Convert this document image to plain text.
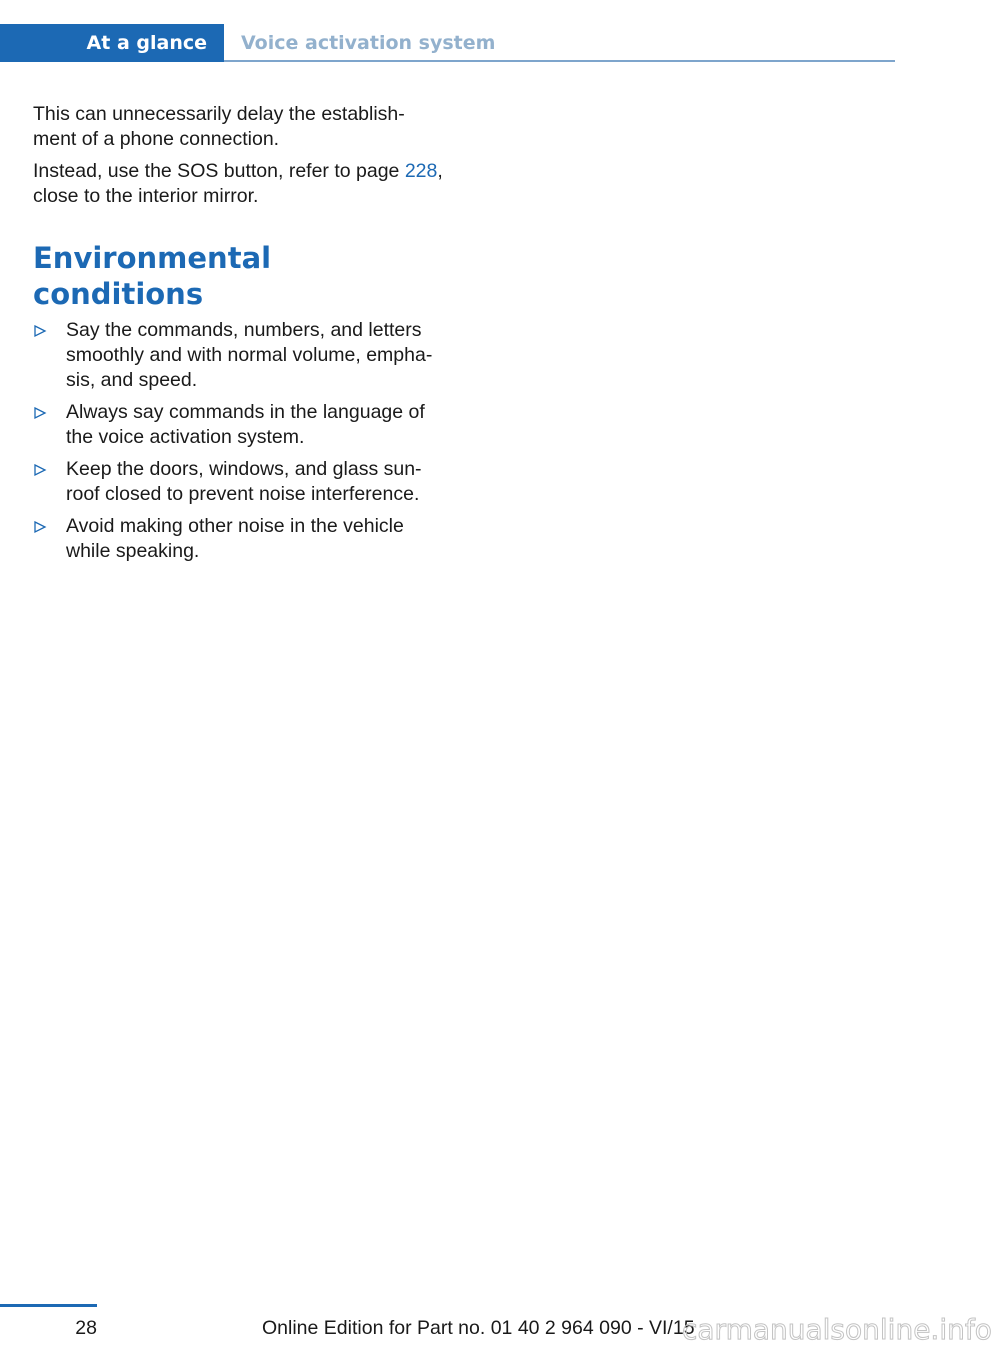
At a glance Voice activation system

This can unnecessarily delay the establish‐ ment of a phone connection.

Instead, use the SOS button, refer to page 228, close to the interior mirror.

Environmental conditions
Say the commands, numbers, and letters smoothly and with normal volume, empha‐ sis, and speed.
Always say commands in the language of the voice activation system.
Keep the doors, windows, and glass sun‐ roof closed to prevent noise interference.
Avoid making other noise in the vehicle while speaking.
28	Online Edition for Part no. 01 40 2 964 090 - VI/15
carmanualsonline.info
